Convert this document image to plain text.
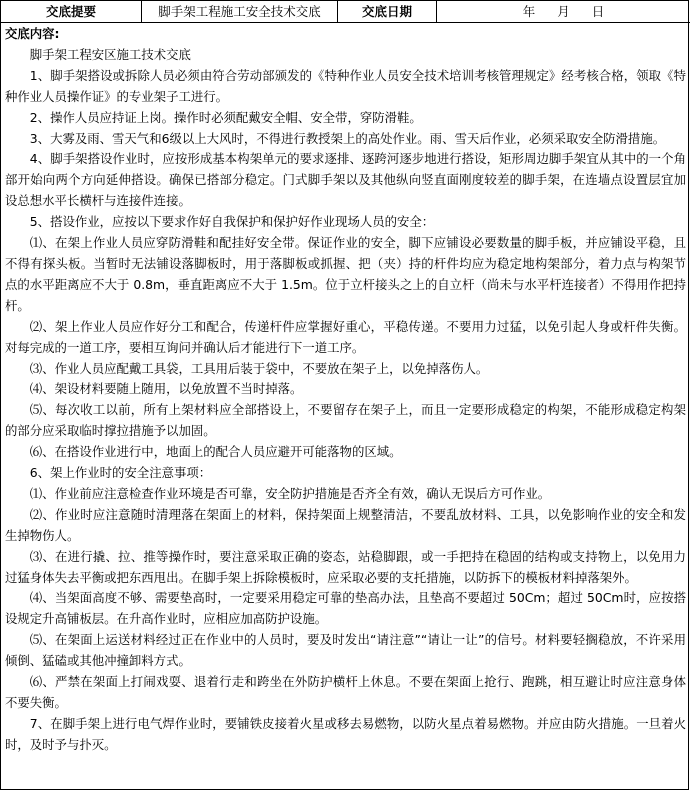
交底提要	脚手架工程施工安全技术交底	交底日期	年 月 日

交底内容:

脚手架工程安区施工技术交底

1、脚手架搭设或拆除人员必须由符合劳动部颁发的《特种作业人员安全技术培训考核管理规定》经考核合格，领取《特种作业人员操作证》的专业架子工进行。

2、操作人员应持证上岗。操作时必须配戴安全帽、安全带，穿防滑鞋。

3、大雾及雨、雪天气和6级以上大风时，不得进行教授架上的高处作业。雨、雪天后作业，必须采取安全防滑措施。

4、脚手架搭设作业时，应按形成基本构架单元的要求逐排、逐跨河逐步地进行搭设，矩形周边脚手架宜从其中的一个角部开始向两个方向延伸搭设。确保已搭部分稳定。门式脚手架以及其他纵向竖直面刚度较差的脚手架，在连墙点设置层宜加设总想水平长横杆与连接件连接。

5、搭设作业，应按以下要求作好自我保护和保护好作业现场人员的安全：

⑴、在架上作业人员应穿防滑鞋和配挂好安全带。保证作业的安全，脚下应铺设必要数量的脚手板，并应铺设平稳，且不得有探头板。当暂时无法铺设落脚板时，用于落脚板或抓握、把（夹）持的杆件均应为稳定地构架部分，着力点与构架节点的水平距离应不大于 0.8m，垂直距离应不大于 1.5m。位于立杆接头之上的自立杆（尚未与水平杆连接者）不得用作把持杆。

⑵、架上作业人员应作好分工和配合，传递杆件应掌握好重心，平稳传递。不要用力过猛，以免引起人身或杆件失衡。对每完成的一道工序，要相互询问并确认后才能进行下一道工序。

⑶、作业人员应配戴工具袋，工具用后装于袋中，不要放在架子上，以免掉落伤人。

⑷、架设材料要随上随用，以免放置不当时掉落。

⑸、每次收工以前，所有上架材料应全部搭设上，不要留存在架子上，而且一定要形成稳定的构架，不能形成稳定构架的部分应采取临时撑拉措施予以加固。

⑹、在搭设作业进行中，地面上的配合人员应避开可能落物的区域。

6、架上作业时的安全注意事项：

⑴、作业前应注意检查作业环境是否可靠，安全防护措施是否齐全有效，确认无误后方可作业。

⑵、作业时应注意随时清理落在架面上的材料，保持架面上规整清洁，不要乱放材料、工具，以免影响作业的安全和发生掉物伤人。

⑶、在进行撬、拉、推等操作时，要注意采取正确的姿态，站稳脚跟，或一手把持在稳固的结构或支持物上，以免用力过猛身体失去平衡或把东西甩出。在脚手架上拆除模板时，应采取必要的支托措施，以防拆下的模板材料掉落架外。

⑷、当架面高度不够、需要垫高时，一定要采用稳定可靠的垫高办法，且垫高不要超过 50Cm；超过 50Cm时，应按搭设规定升高铺板层。在升高作业时，应相应加高防护设施。

⑸、在架面上运送材料经过正在作业中的人员时，要及时发出“请注意”“请让一让”的信号。材料要轻搁稳放，不许采用倾倒、猛磕或其他冲撞卸料方式。

⑹、严禁在架面上打闹戏耍、退着行走和跨坐在外防护横杆上休息。不要在架面上抢行、跑跳，相互避让时应注意身体不要失衡。

7、在脚手架上进行电气焊作业时，要铺铁皮接着火星或移去易燃物，以防火星点着易燃物。并应由防火措施。一旦着火时，及时予与扑灭。
